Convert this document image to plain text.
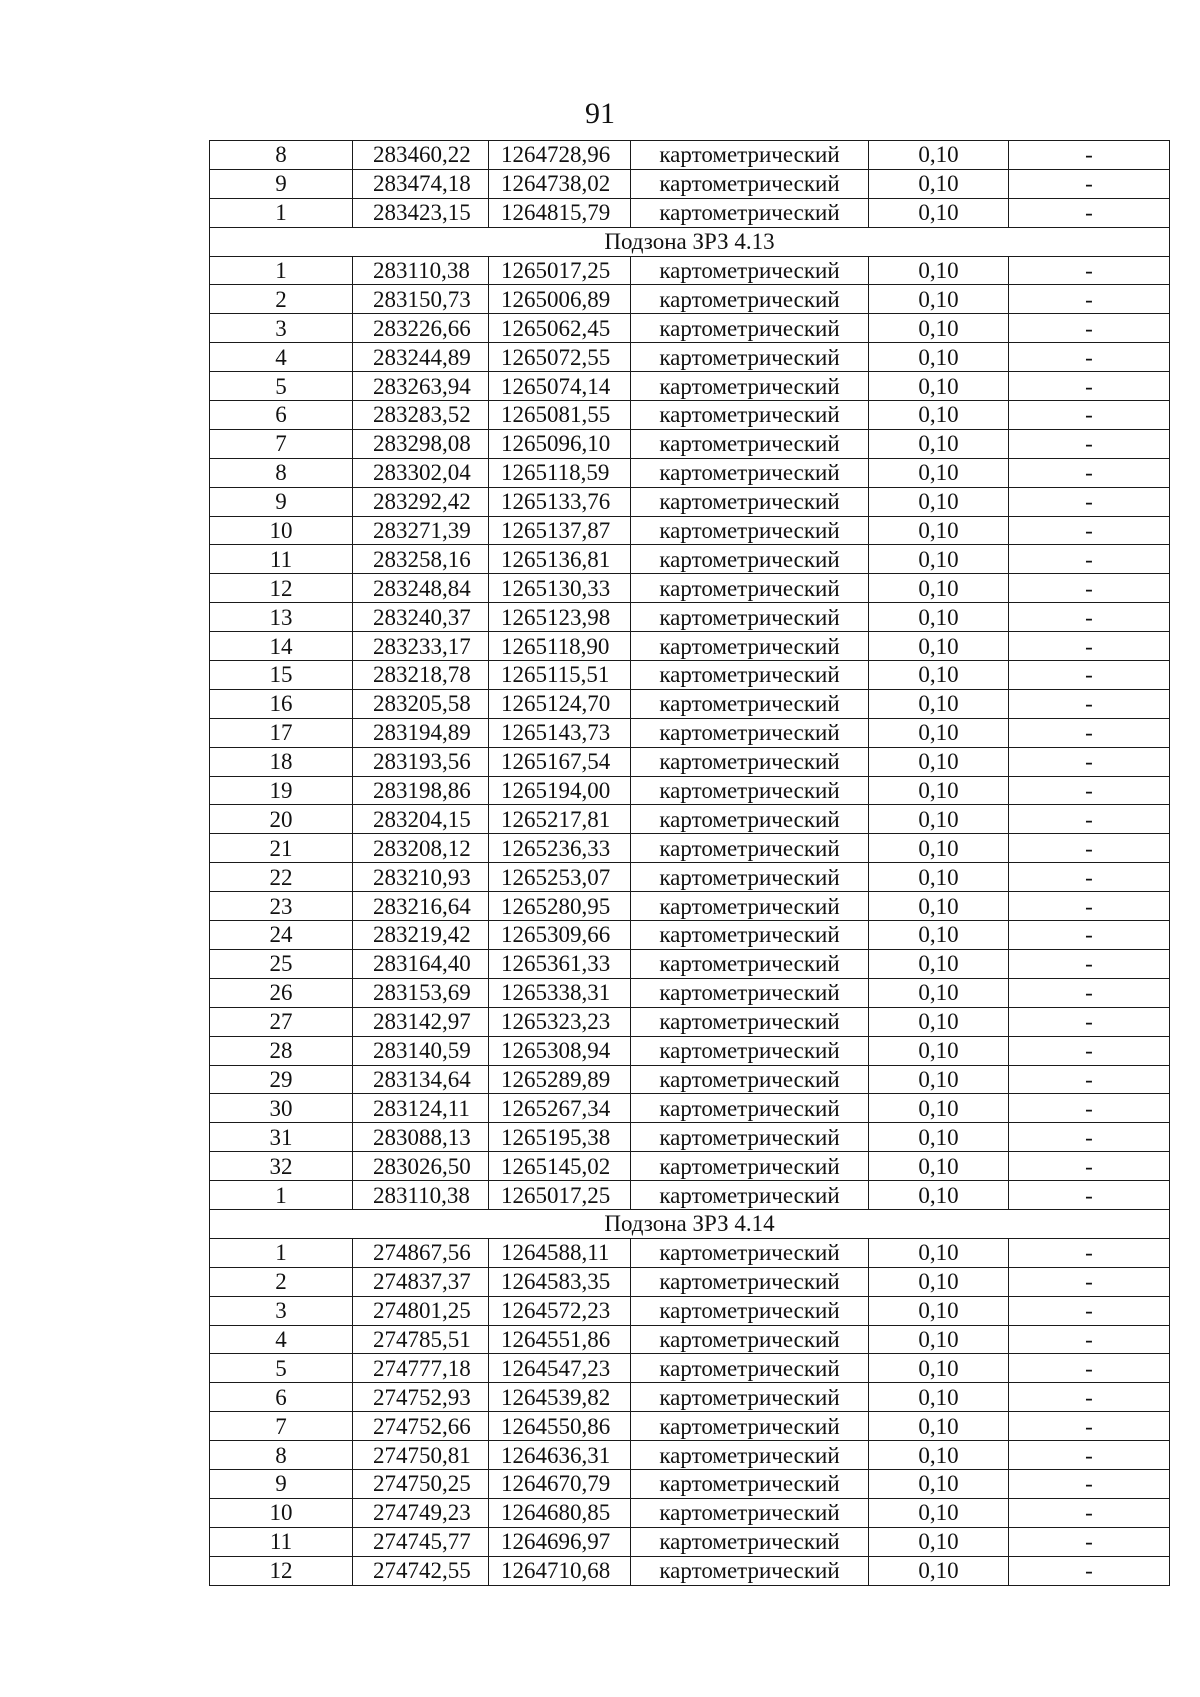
91
8	283460,22	1264728,96	картометрический	0,10	-
9	283474,18	1264738,02	картометрический	0,10	-
1	283423,15	1264815,79	картометрический	0,10	-
Подзона ЗРЗ 4.13					
1	283110,38	1265017,25	картометрический	0,10	-
2	283150,73	1265006,89	картометрический	0,10	-
3	283226,66	1265062,45	картометрический	0,10	-
4	283244,89	1265072,55	картометрический	0,10	-
5	283263,94	1265074,14	картометрический	0,10	-
6	283283,52	1265081,55	картометрический	0,10	-
7	283298,08	1265096,10	картометрический	0,10	-
8	283302,04	1265118,59	картометрический	0,10	-
9	283292,42	1265133,76	картометрический	0,10	-
10	283271,39	1265137,87	картометрический	0,10	-
11	283258,16	1265136,81	картометрический	0,10	-
12	283248,84	1265130,33	картометрический	0,10	-
13	283240,37	1265123,98	картометрический	0,10	-
14	283233,17	1265118,90	картометрический	0,10	-
15	283218,78	1265115,51	картометрический	0,10	-
16	283205,58	1265124,70	картометрический	0,10	-
17	283194,89	1265143,73	картометрический	0,10	-
18	283193,56	1265167,54	картометрический	0,10	-
19	283198,86	1265194,00	картометрический	0,10	-
20	283204,15	1265217,81	картометрический	0,10	-
21	283208,12	1265236,33	картометрический	0,10	-
22	283210,93	1265253,07	картометрический	0,10	-
23	283216,64	1265280,95	картометрический	0,10	-
24	283219,42	1265309,66	картометрический	0,10	-
25	283164,40	1265361,33	картометрический	0,10	-
26	283153,69	1265338,31	картометрический	0,10	-
27	283142,97	1265323,23	картометрический	0,10	-
28	283140,59	1265308,94	картометрический	0,10	-
29	283134,64	1265289,89	картометрический	0,10	-
30	283124,11	1265267,34	картометрический	0,10	-
31	283088,13	1265195,38	картометрический	0,10	-
32	283026,50	1265145,02	картометрический	0,10	-
1	283110,38	1265017,25	картометрический	0,10	-
Подзона ЗРЗ 4.14					
1	274867,56	1264588,11	картометрический	0,10	-
2	274837,37	1264583,35	картометрический	0,10	-
3	274801,25	1264572,23	картометрический	0,10	-
4	274785,51	1264551,86	картометрический	0,10	-
5	274777,18	1264547,23	картометрический	0,10	-
6	274752,93	1264539,82	картометрический	0,10	-
7	274752,66	1264550,86	картометрический	0,10	-
8	274750,81	1264636,31	картометрический	0,10	-
9	274750,25	1264670,79	картометрический	0,10	-
10	274749,23	1264680,85	картометрический	0,10	-
11	274745,77	1264696,97	картометрический	0,10	-
12	274742,55	1264710,68	картометрический	0,10	-
